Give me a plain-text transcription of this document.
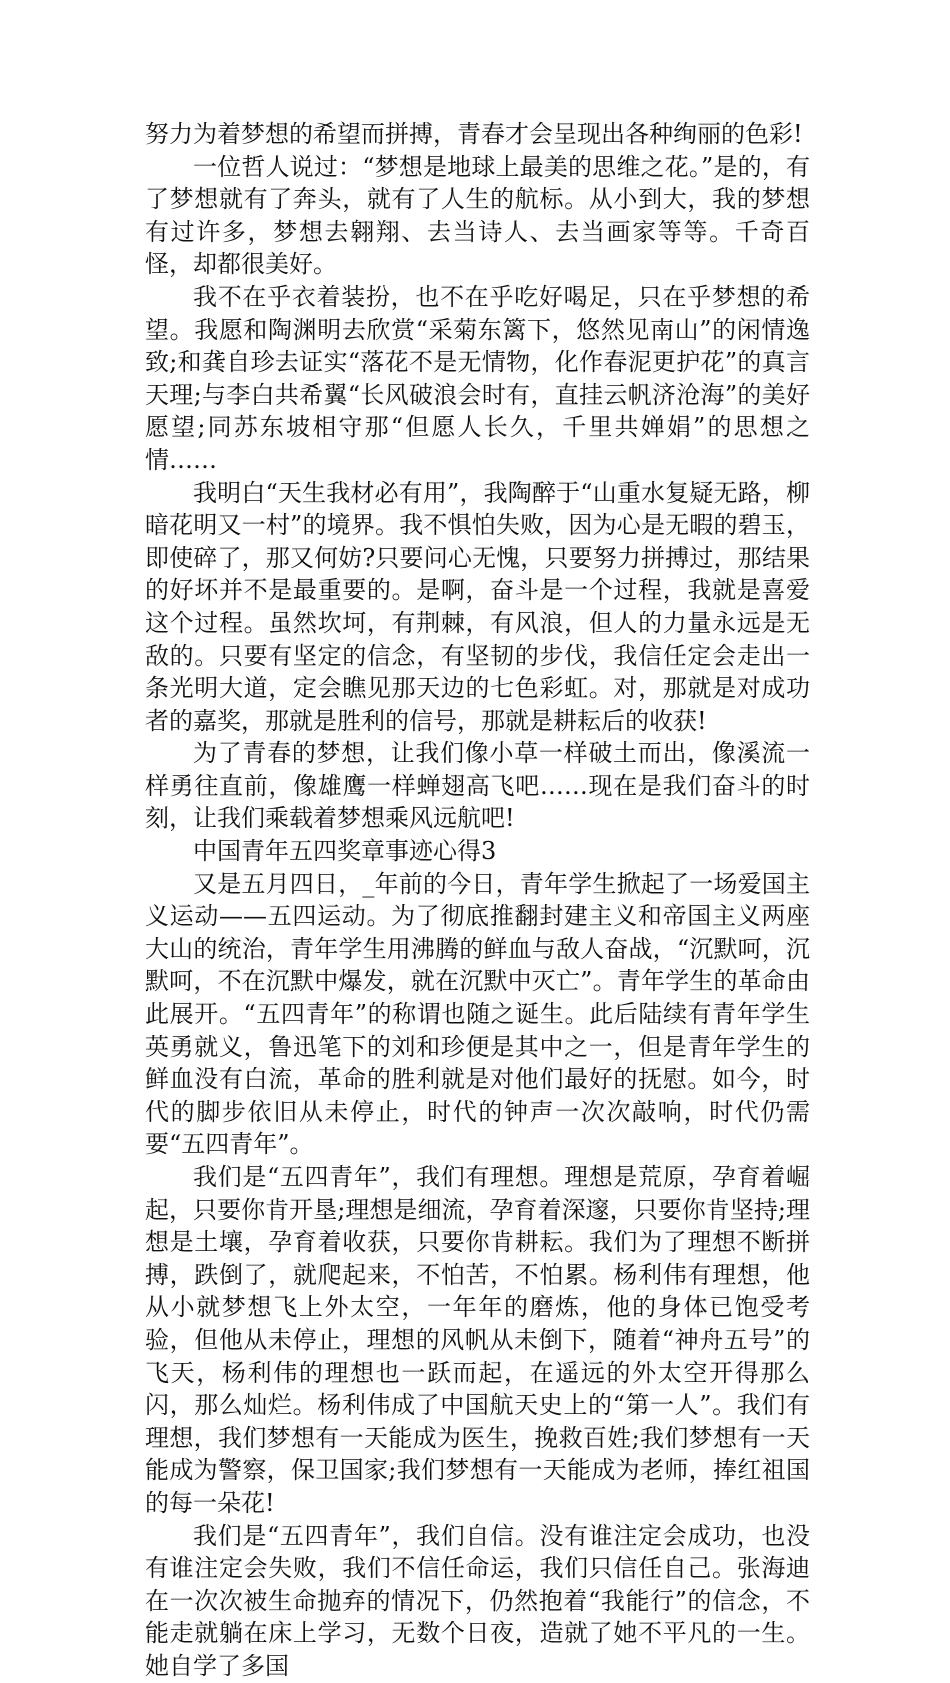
努力为着梦想的希望而拼搏，青春才会呈现出各种绚丽的色彩!

一位哲人说过：“梦想是地球上最美的思维之花。”是的，有了梦想就有了奔头，就有了人生的航标。从小到大，我的梦想有过许多，梦想去翱翔、去当诗人、去当画家等等。千奇百怪，却都很美好。

我不在乎衣着装扮，也不在乎吃好喝足，只在乎梦想的希望。我愿和陶渊明去欣赏“采菊东篱下，悠然见南山”的闲情逸致;和龚自珍去证实“落花不是无情物，化作春泥更护花”的真言天理;与李白共希翼“长风破浪会时有，直挂云帆济沧海”的美好愿望;同苏东坡相守那“但愿人长久，千里共婵娟”的思想之情……

我明白“天生我材必有用”，我陶醉于“山重水复疑无路，柳暗花明又一村”的境界。我不惧怕失败，因为心是无暇的碧玉，即使碎了，那又何妨?只要问心无愧，只要努力拼搏过，那结果的好坏并不是最重要的。是啊，奋斗是一个过程，我就是喜爱这个过程。虽然坎坷，有荆棘，有风浪，但人的力量永远是无敌的。只要有坚定的信念，有坚韧的步伐，我信任定会走出一条光明大道，定会瞧见那天边的七色彩虹。对，那就是对成功者的嘉奖，那就是胜利的信号，那就是耕耘后的收获!

为了青春的梦想，让我们像小草一样破土而出，像溪流一样勇往直前，像雄鹰一样蝉翅高飞吧……现在是我们奋斗的时刻，让我们乘载着梦想乘风远航吧!

中国青年五四奖章事迹心得3

又是五月四日，_年前的今日，青年学生掀起了一场爱国主义运动——五四运动。为了彻底推翻封建主义和帝国主义两座大山的统治，青年学生用沸腾的鲜血与敌人奋战，“沉默呵，沉默呵，不在沉默中爆发，就在沉默中灭亡”。青年学生的革命由此展开。“五四青年”的称谓也随之诞生。此后陆续有青年学生英勇就义，鲁迅笔下的刘和珍便是其中之一，但是青年学生的鲜血没有白流，革命的胜利就是对他们最好的抚慰。如今，时代的脚步依旧从未停止，时代的钟声一次次敲响，时代仍需要“五四青年”。

我们是“五四青年”，我们有理想。理想是荒原，孕育着崛起，只要你肯开垦;理想是细流，孕育着深邃，只要你肯坚持;理想是土壤，孕育着收获，只要你肯耕耘。我们为了理想不断拼搏，跌倒了，就爬起来，不怕苦，不怕累。杨利伟有理想，他从小就梦想飞上外太空，一年年的磨炼，他的身体已饱受考验，但他从未停止，理想的风帆从未倒下，随着“神舟五号”的飞天，杨利伟的理想也一跃而起，在遥远的外太空开得那么闪，那么灿烂。杨利伟成了中国航天史上的“第一人”。我们有理想，我们梦想有一天能成为医生，挽救百姓;我们梦想有一天能成为警察，保卫国家;我们梦想有一天能成为老师，捧红祖国的每一朵花!

我们是“五四青年”，我们自信。没有谁注定会成功，也没有谁注定会失败，我们不信任命运，我们只信任自己。张海迪在一次次被生命抛弃的情况下，仍然抱着“我能行”的信念，不能走就躺在床上学习，无数个日夜，造就了她不平凡的一生。她自学了多国
